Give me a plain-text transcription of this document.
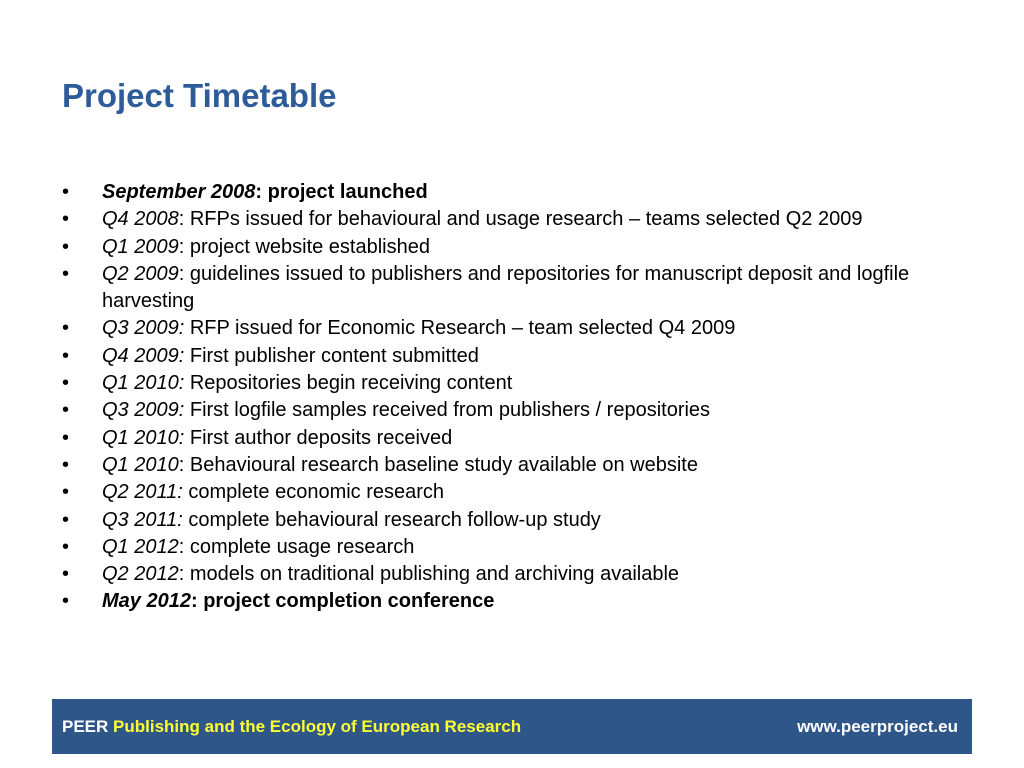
Project Timetable
•	September 2008: project launched
•	Q4 2008: RFPs issued for behavioural and usage research – teams selected Q2 2009
•	Q1 2009: project website established
•	Q2 2009: guidelines issued to publishers and repositories for manuscript deposit and logfile harvesting
•	Q3 2009: RFP issued for Economic Research – team selected Q4 2009
•	Q4 2009: First publisher content submitted
•	Q1 2010: Repositories begin receiving content
•	Q3 2009: First logfile samples received from publishers / repositories
•	Q1 2010: First author deposits received
•	Q1 2010: Behavioural research baseline study available on website
•	Q2 2011: complete economic research
•	Q3 2011: complete behavioural research follow-up study
•	Q1 2012: complete usage research
•	Q2 2012: models on traditional publishing and archiving available
•	May 2012: project completion conference
PEER Publishing and the Ecology of European Research	www.peerproject.eu
